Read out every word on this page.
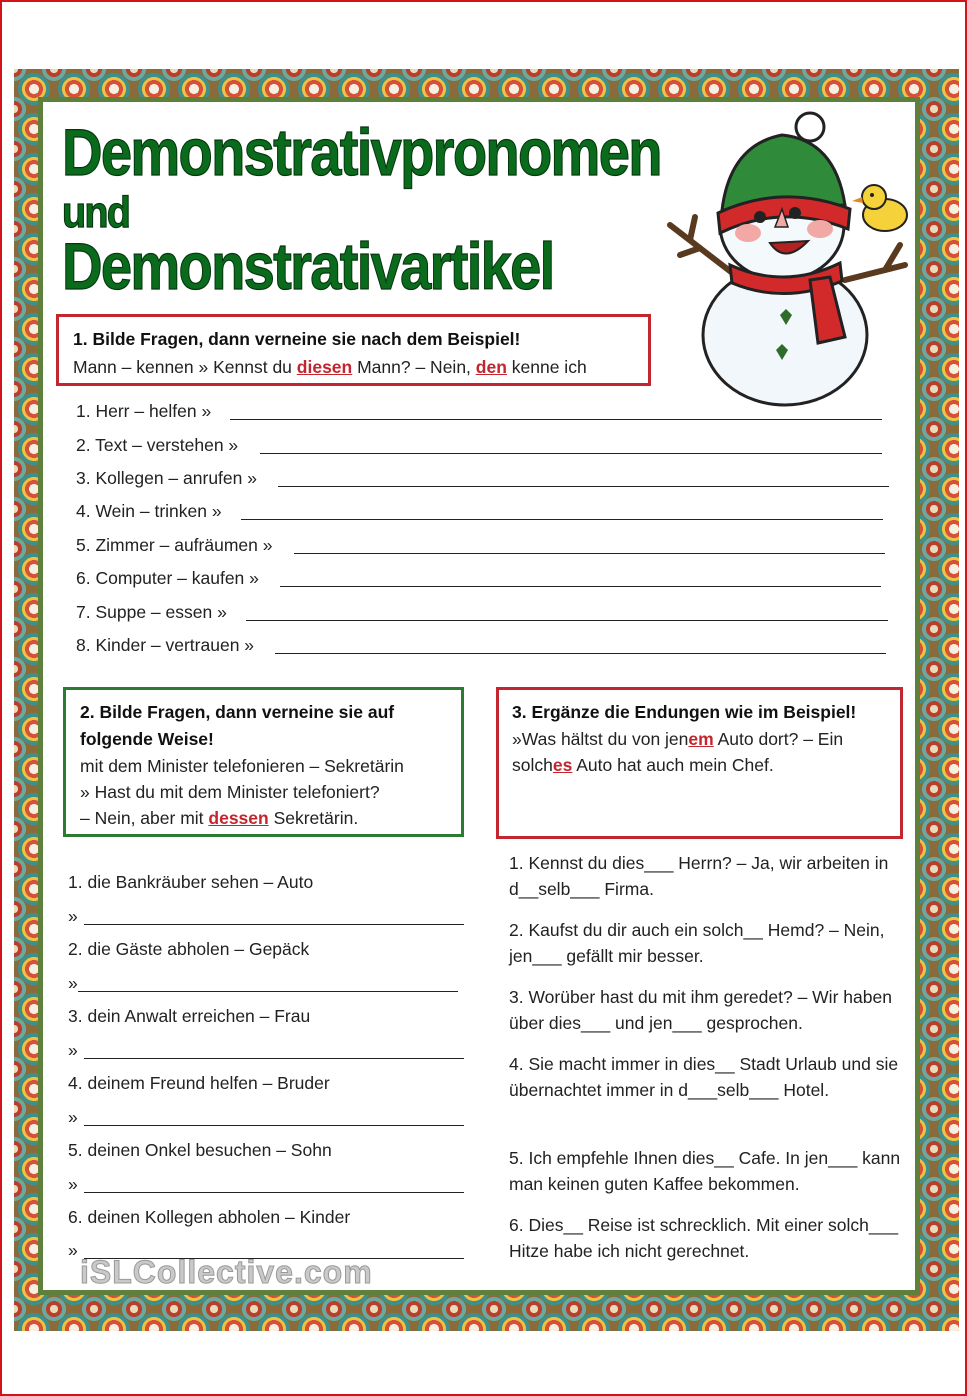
Demonstrativpronomen
und
Demonstrativartikel
1. Bilde Fragen, dann verneine sie nach dem Beispiel!
Mann – kennen » Kennst du diesen Mann? – Nein, den kenne ich
1. Herr – helfen »
2. Text – verstehen »
3. Kollegen – anrufen »
4. Wein – trinken »
5. Zimmer – aufräumen »
6. Computer – kaufen »
7. Suppe – essen »
8. Kinder – vertrauen »
2. Bilde Fragen, dann verneine sie auf folgende Weise!
mit dem Minister telefonieren – Sekretärin
» Hast du mit dem Minister telefoniert?
– Nein, aber mit dessen Sekretärin.
1. die Bankräuber sehen – Auto
»
2. die Gäste abholen – Gepäck
»
3. dein Anwalt erreichen – Frau
»
4. deinem Freund helfen – Bruder
»
5. deinen Onkel besuchen – Sohn
»
6. deinen Kollegen abholen – Kinder
»
3. Ergänze die Endungen wie im Beispiel!
»Was hältst du von jenem Auto dort? – Ein solches Auto hat auch mein Chef.
1. Kennst du dies___ Herrn? – Ja, wir arbeiten in d__selb___ Firma.
2. Kaufst du dir auch ein solch__ Hemd? – Nein, jen___ gefällt mir besser.
3. Worüber hast du mit ihm geredet? – Wir haben über dies___ und jen___ gesprochen.
4. Sie macht immer in dies__ Stadt Urlaub und sie übernachtet immer in d___selb___ Hotel.
5. Ich empfehle Ihnen dies__ Cafe. In jen___ kann man keinen guten Kaffee bekommen.
6. Dies__ Reise ist schrecklich. Mit einer solch___ Hitze habe ich nicht gerechnet.
iSLCollective.com
